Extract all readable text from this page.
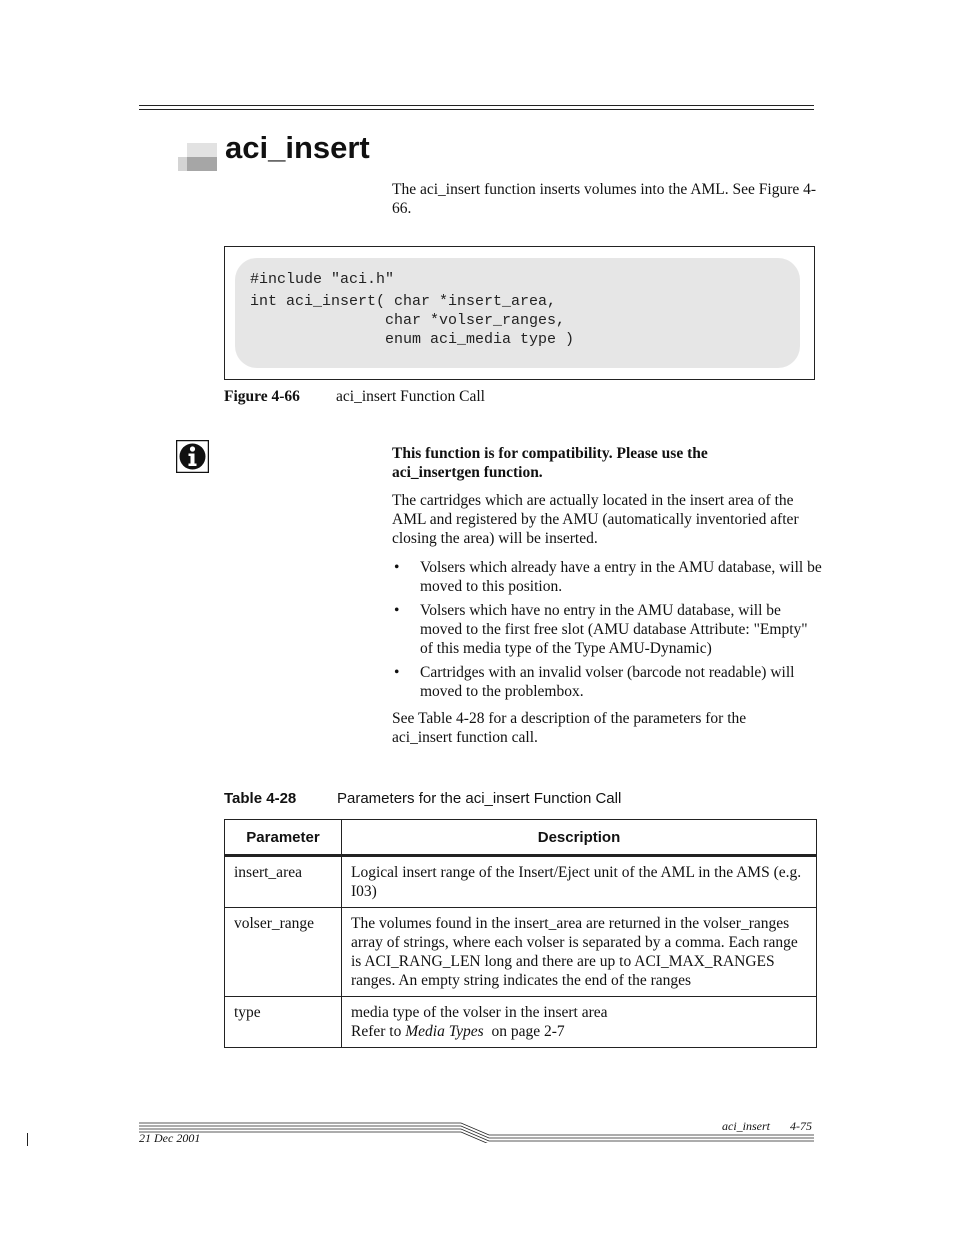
aci_insert

The aci_insert function inserts volumes into the AML. See Figure 4-66.

#include "aci.h"
int aci_insert( char *insert_area,
char *volser_ranges,
enum aci_media type )
Figure 4-66 aci_insert Function Call

This function is for compatibility. Please use the aci_insertgen function.

The cartridges which are actually located in the insert area of the AML and registered by the AMU (automatically inventoried after closing the area) will be inserted.

• Volsers which already have a entry in the AMU database, will be moved to this position.
• Volsers which have no entry in the AMU database, will be moved to the first free slot (AMU database Attribute: "Empty" of this media type of the Type AMU-Dynamic)
• Cartridges with an invalid volser (barcode not readable) will moved to the problembox.

See Table 4-28 for a description of the parameters for the aci_insert function call.

Table 4-28	Parameters for the aci_insert Function Call
Parameter	Description
insert_area	Logical insert range of the Insert/Eject unit of the AML in the AMS (e.g. I03)
volser_range	The volumes found in the insert_area are returned in the volser_ranges array of strings, where each volser is separated by a comma. Each range is ACI_RANG_LEN long and there are up to ACI_MAX_RANGES ranges. An empty string indicates the end of the ranges
type	media type of the volser in the insert area
Refer to Media Types  on page 2-7
aci_insert 4-75
21 Dec 2001
